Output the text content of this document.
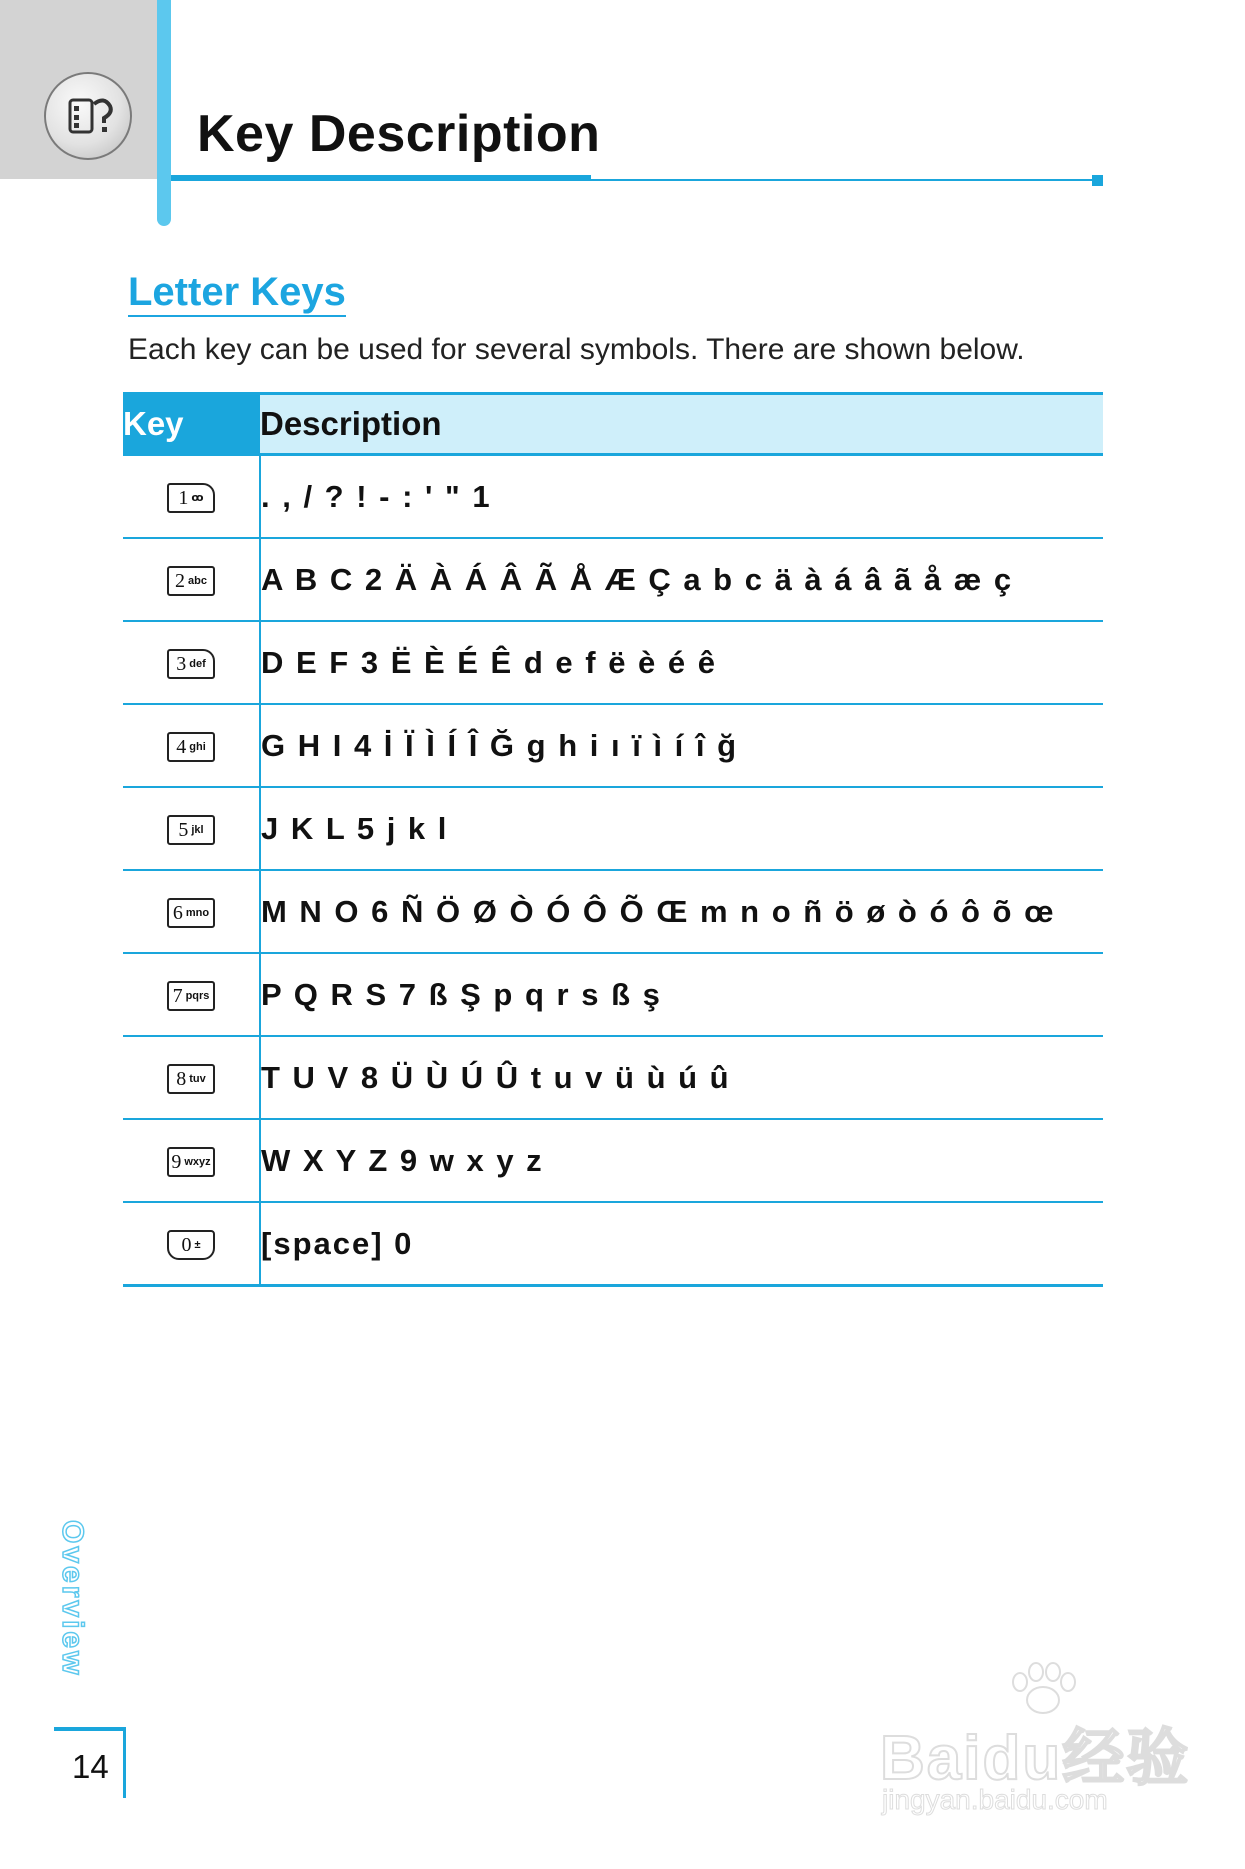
Key Description
Letter Keys

Each key can be used for several symbols. There are shown below.

Key	Description

1 ꝏ	. , / ? ! - : ' " 1

2 abc	A B C 2 Ä À Á Â Ã Å Æ Ç a b c ä à á â ã å æ ç

3 def	D E F 3 Ë È É Ê d e f ë è é ê

4 ghi	G H I 4 İ Ï Ì Í Î Ğ g h i ı ï ì í î ğ

5 jkl	J K L 5 j k l

6 mno	M N O 6 Ñ Ö Ø Ò Ó Ô Õ Œ m n o ñ ö ø ò ó ô õ œ

7 pqrs	P Q R S 7 ß Ş p q r s ß ş

8 tuv	T U V 8 Ü Ù Ú Û t u v ü ù ú û

9 wxyz	W X Y Z 9 w x y z

0 ±	[space] 0
Overview

14	Baidu经验
jingyan.baidu.com
